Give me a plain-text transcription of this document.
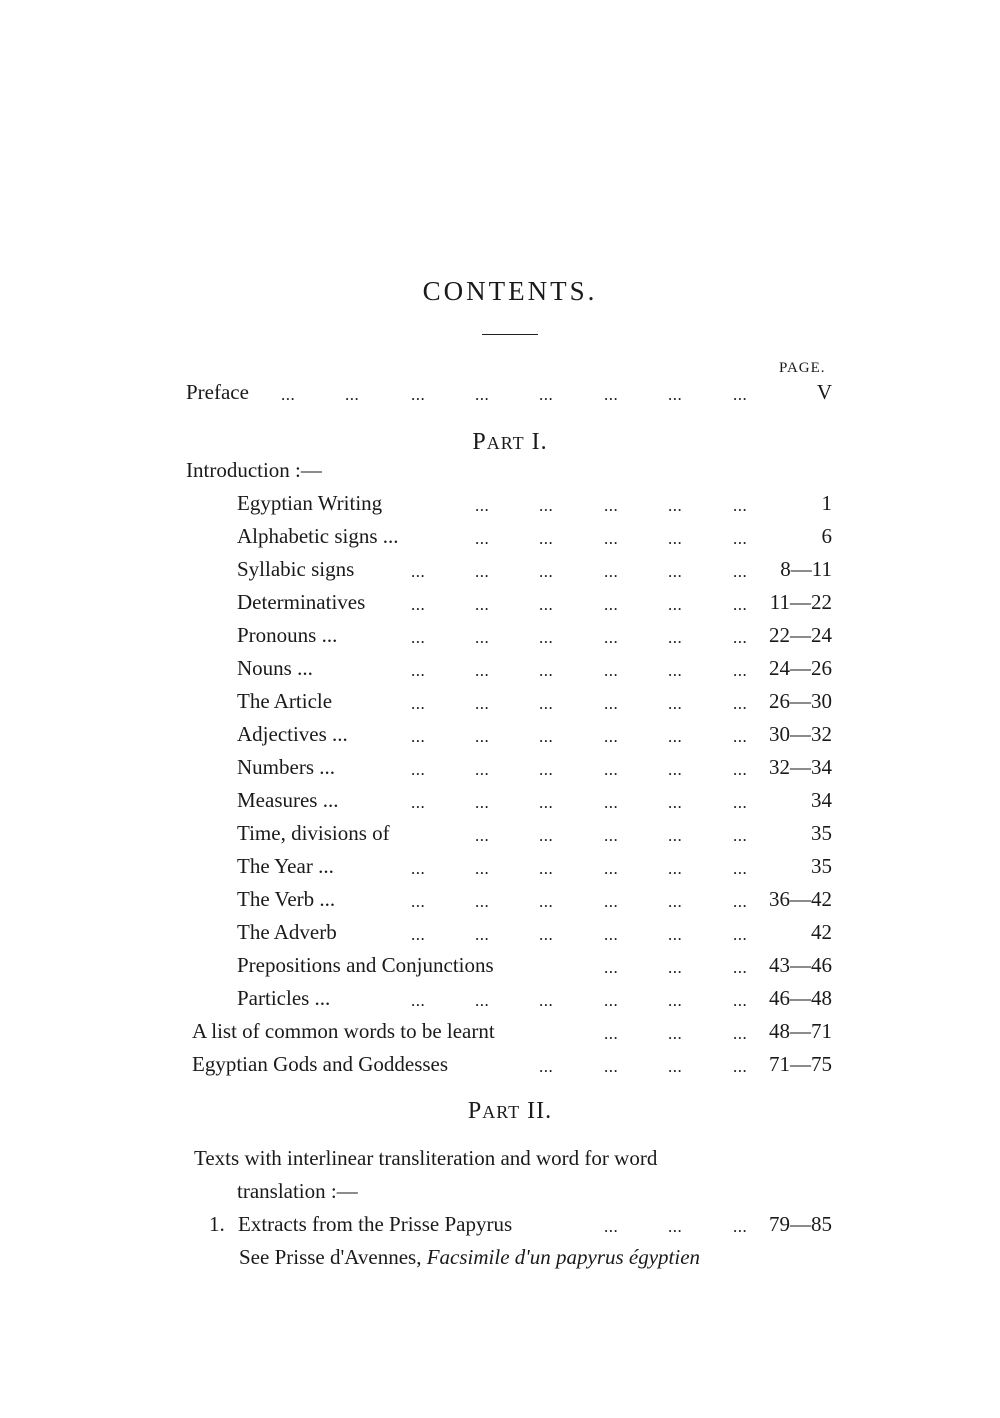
CONTENTS.
PAGE.
Preface	V
PART I.
Introduction :—
Egyptian Writing	1
Alphabetic signs ...	6
Syllabic signs	8—11
Determinatives	11—22
Pronouns ...	22—24
Nouns ...	24—26
The Article	26—30
Adjectives ...	30—32
Numbers ...	32—34
Measures ...	34
Time, divisions of	35
The Year ...	35
The Verb ...	36—42
The Adverb	42
Prepositions and Conjunctions	43—46
Particles ...	46—48
A list of common words to be learnt	48—71
Egyptian Gods and Goddesses	71—75
PART II.
Texts with interlinear transliteration and word for word
translation :—
1. Extracts from the Prisse Papyrus	79—85
See Prisse d'Avennes, Facsimile d'un papyrus égyptien
...	...	...	...	...	...	...	...
...	...	...	...	...
...	...	...	...	...
...	...	...	...	...	...
...	...	...	...	...	...
...	...	...	...	...	...
...	...	...	...	...	...
...	...	...	...	...	...
...	...	...	...	...	...
...	...	...	...	...	...
...	...	...	...	...	...
...	...	...	...	...
...	...	...	...	...	...
...	...	...	...	...	...
...	...	...	...	...	...
...	...	...
...	...	...	...	...	...
...	...	...
...	...	...	...
...	...	...
